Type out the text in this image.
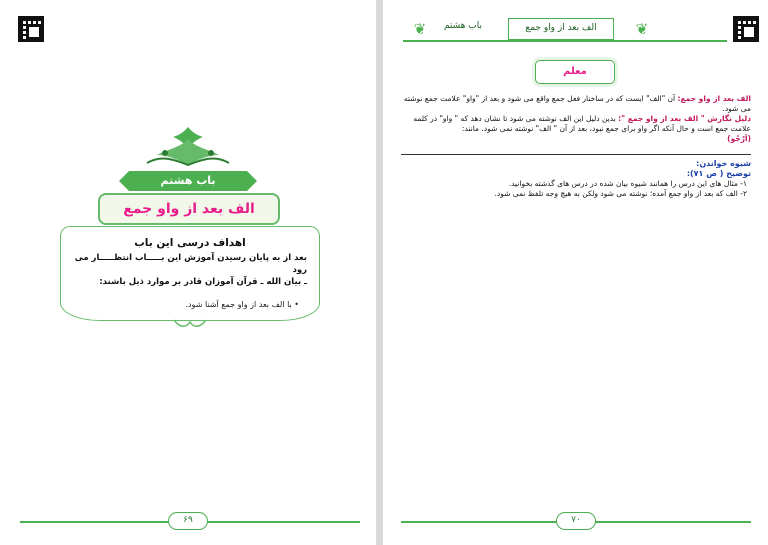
باب هشتم
الف بعد از واو جمع
اهداف درسی این باب
بعد از به پایان رسیدن آموزش این بـــــاب انتظـــــار می رود
ـ بیان الله ـ قرآن آموزان قادر بر موارد ذیل باشند:
• با الف بعد از واو جمع آشنا شود.
۶۹
❦	باب هشتم	الف بعد از واو جمع	❦
معلم
الف بعد از واو جمع: آن "الف" ایست که در ساختار فعل جمع واقع می شود و بعد از "واو" علامت جمع نوشته می شود.
دلیل نگارش " الف بعد از واو جمع ": بدین دلیل این الف نوشته می شود تا نشان دهد که " واو" در کلمه علامت جمع است و حال آنکه اگر واو برای جمع نبود، بعد از آن " الف" نوشته نمی شود. مانند:
(اَرْجُو)
شیوه خواندن:
توضیح ( ص ۷۱):
۱- مثال های این درس را همانند شیوه بیان شده در درس های گذشته بخوانید.
۲- الف که بعد از واو جمع آمده؛ نوشته می شود ولکن به هیچ وجه تلفظ نمی شود.
۷۰
